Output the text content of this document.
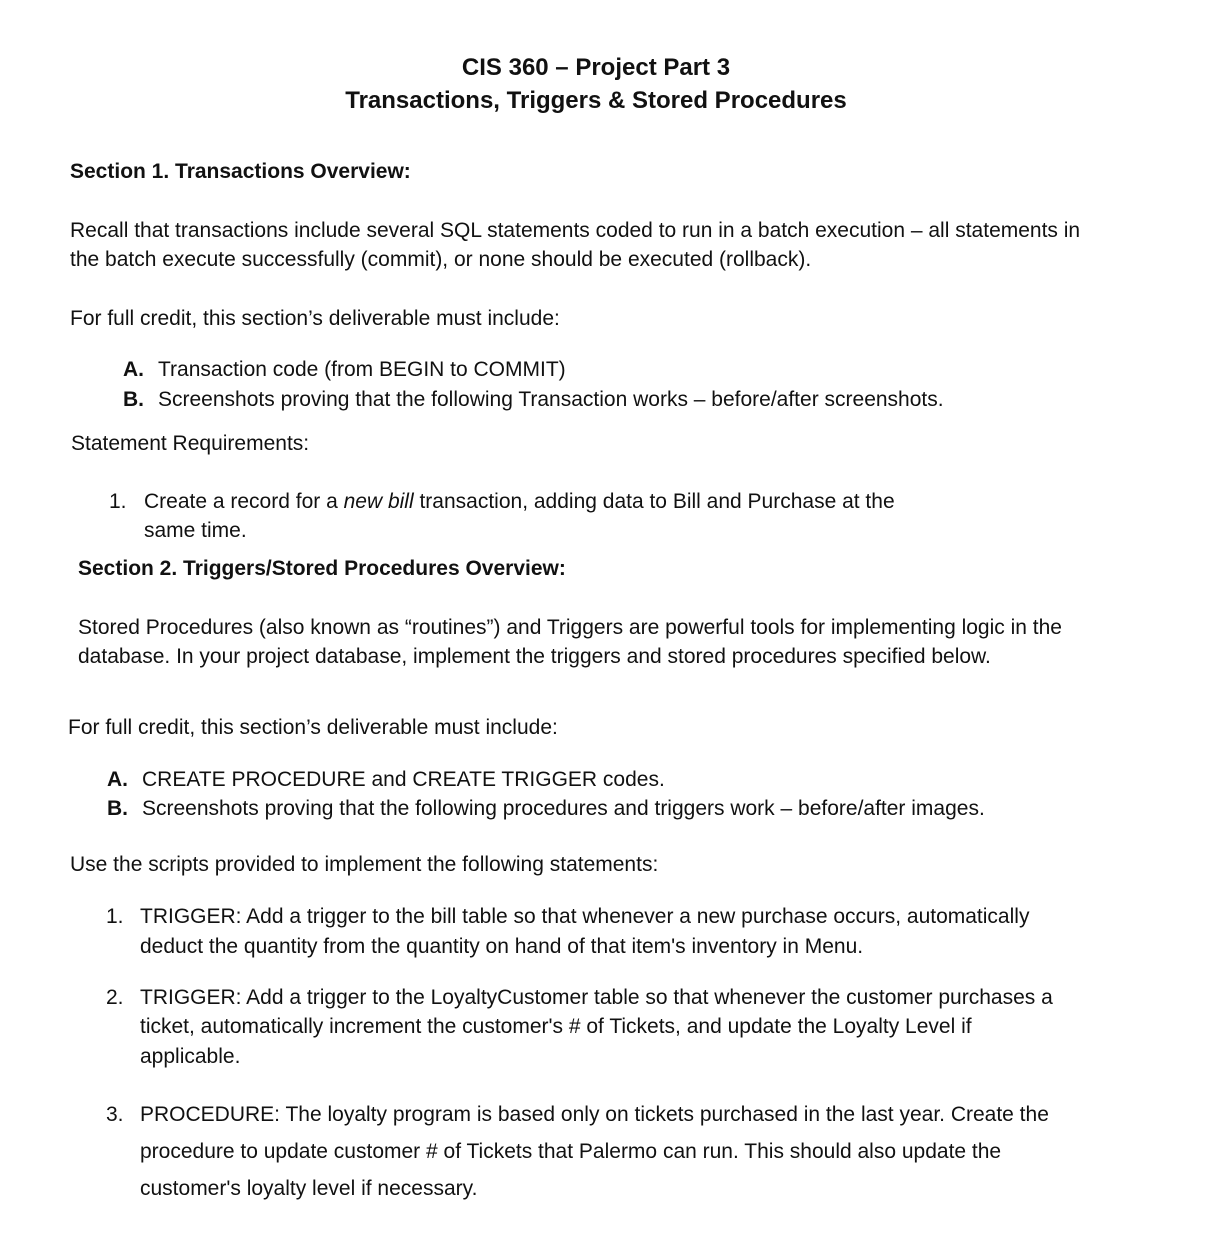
CIS 360 – Project Part 3
Transactions, Triggers & Stored Procedures
Section 1. Transactions Overview:
Recall that transactions include several SQL statements coded to run in a batch execution – all statements in
the batch execute successfully (commit), or none should be executed (rollback).
For full credit, this section’s deliverable must include:
A. Transaction code (from BEGIN to COMMIT)
B. Screenshots proving that the following Transaction works – before/after screenshots.
Statement Requirements:
1. Create a record for a new bill transaction, adding data to Bill and Purchase at the
same time.
Section 2. Triggers/Stored Procedures Overview:
Stored Procedures (also known as “routines”) and Triggers are powerful tools for implementing logic in the
database. In your project database, implement the triggers and stored procedures specified below.
For full credit, this section’s deliverable must include:
A. CREATE PROCEDURE and CREATE TRIGGER codes.
B. Screenshots proving that the following procedures and triggers work – before/after images.
Use the scripts provided to implement the following statements:
1. TRIGGER: Add a trigger to the bill table so that whenever a new purchase occurs, automatically
deduct the quantity from the quantity on hand of that item's inventory in Menu.
2. TRIGGER: Add a trigger to the LoyaltyCustomer table so that whenever the customer purchases a
ticket, automatically increment the customer's # of Tickets, and update the Loyalty Level if
applicable.
3. PROCEDURE: The loyalty program is based only on tickets purchased in the last year. Create the
procedure to update customer # of Tickets that Palermo can run. This should also update the
customer's loyalty level if necessary.
